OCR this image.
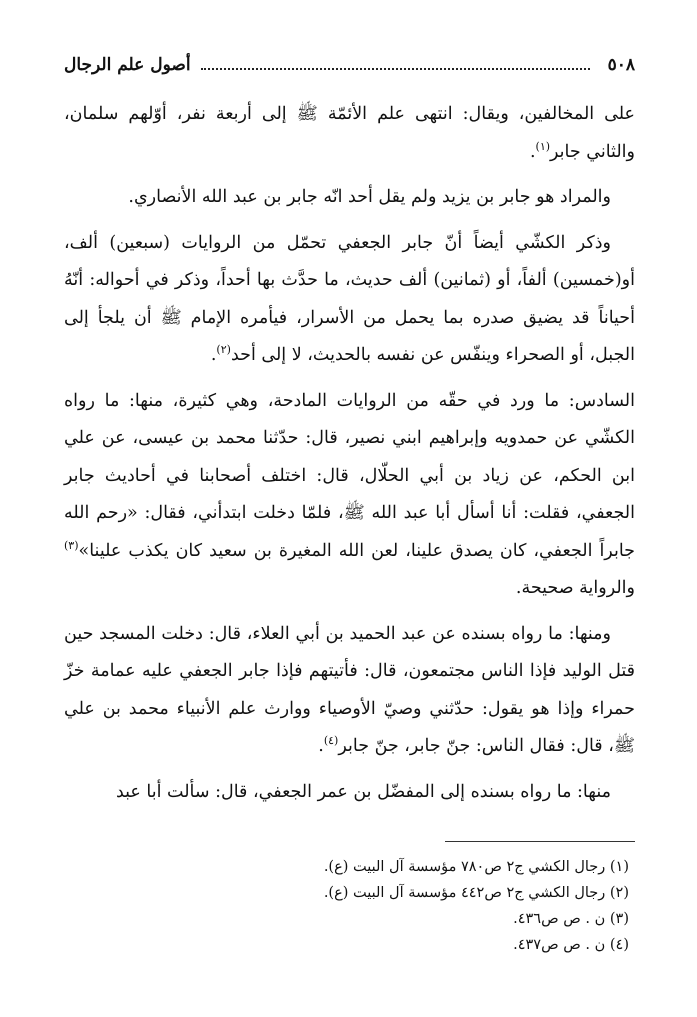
٥٠٨
أصول علم الرجال

على المخالفين، ويقال: انتهى علم الأئمّة ﷺ إلى أربعة نفر، أوّلهم سلمان، والثاني جابر$^{(١)}$.

والمراد هو جابر بن يزيد ولم يقل أحد انّه جابر بن عبد الله الأنصاري.

وذكر الكشّي أيضاً أنّ جابر الجعفي تحمّل من الروايات (سبعين) ألف، أو(خمسين) ألفاً، أو (ثمانين) ألف حديث، ما حدَّث بها أحداً، وذكر في أحواله: أنّهُ أحياناً قد يضيق صدره بما يحمل من الأسرار، فيأمره الإمام ﷺ أن يلجأ إلى الجبل، أو الصحراء وينفّس عن نفسه بالحديث، لا إلى أحد$^{(٢)}$.

السادس: ما ورد في حقّه من الروايات المادحة، وهي كثيرة، منها: ما رواه الكشّي عن حمدويه وإبراهيم ابني نصير، قال: حدّثنا محمد بن عيسى، عن علي ابن الحكم، عن زياد بن أبي الحلّال، قال: اختلف أصحابنا في أحاديث جابر الجعفي، فقلت: أنا أسأل أبا عبد الله ﷺ، فلمّا دخلت ابتدأني، فقال: «رحم الله جابراً الجعفي، كان يصدق علينا، لعن الله المغيرة بن سعيد كان يكذب علينا»$^{(٣)}$ والرواية صحيحة.

ومنها: ما رواه بسنده عن عبد الحميد بن أبي العلاء، قال: دخلت المسجد حين قتل الوليد فإذا الناس مجتمعون، قال: فأتيتهم فإذا جابر الجعفي عليه عمامة خزّ حمراء وإذا هو يقول: حدّثني وصيّ الأوصياء ووارث علم الأنبياء محمد بن علي ﷺ، قال: فقال الناس: جنّ جابر، جنّ جابر$^{(٤)}$.

منها: ما رواه بسنده إلى المفضّل بن عمر الجعفي، قال: سألت أبا عبد

(١) رجال الكشي ج٢ ص٧٨٠ مؤسسة آل البيت (ع).

(٢) رجال الكشي ج٢ ص٤٤٢ مؤسسة آل البيت (ع).

(٣) ن . ص ص٤٣٦.

(٤) ن . ص ص٤٣٧.
